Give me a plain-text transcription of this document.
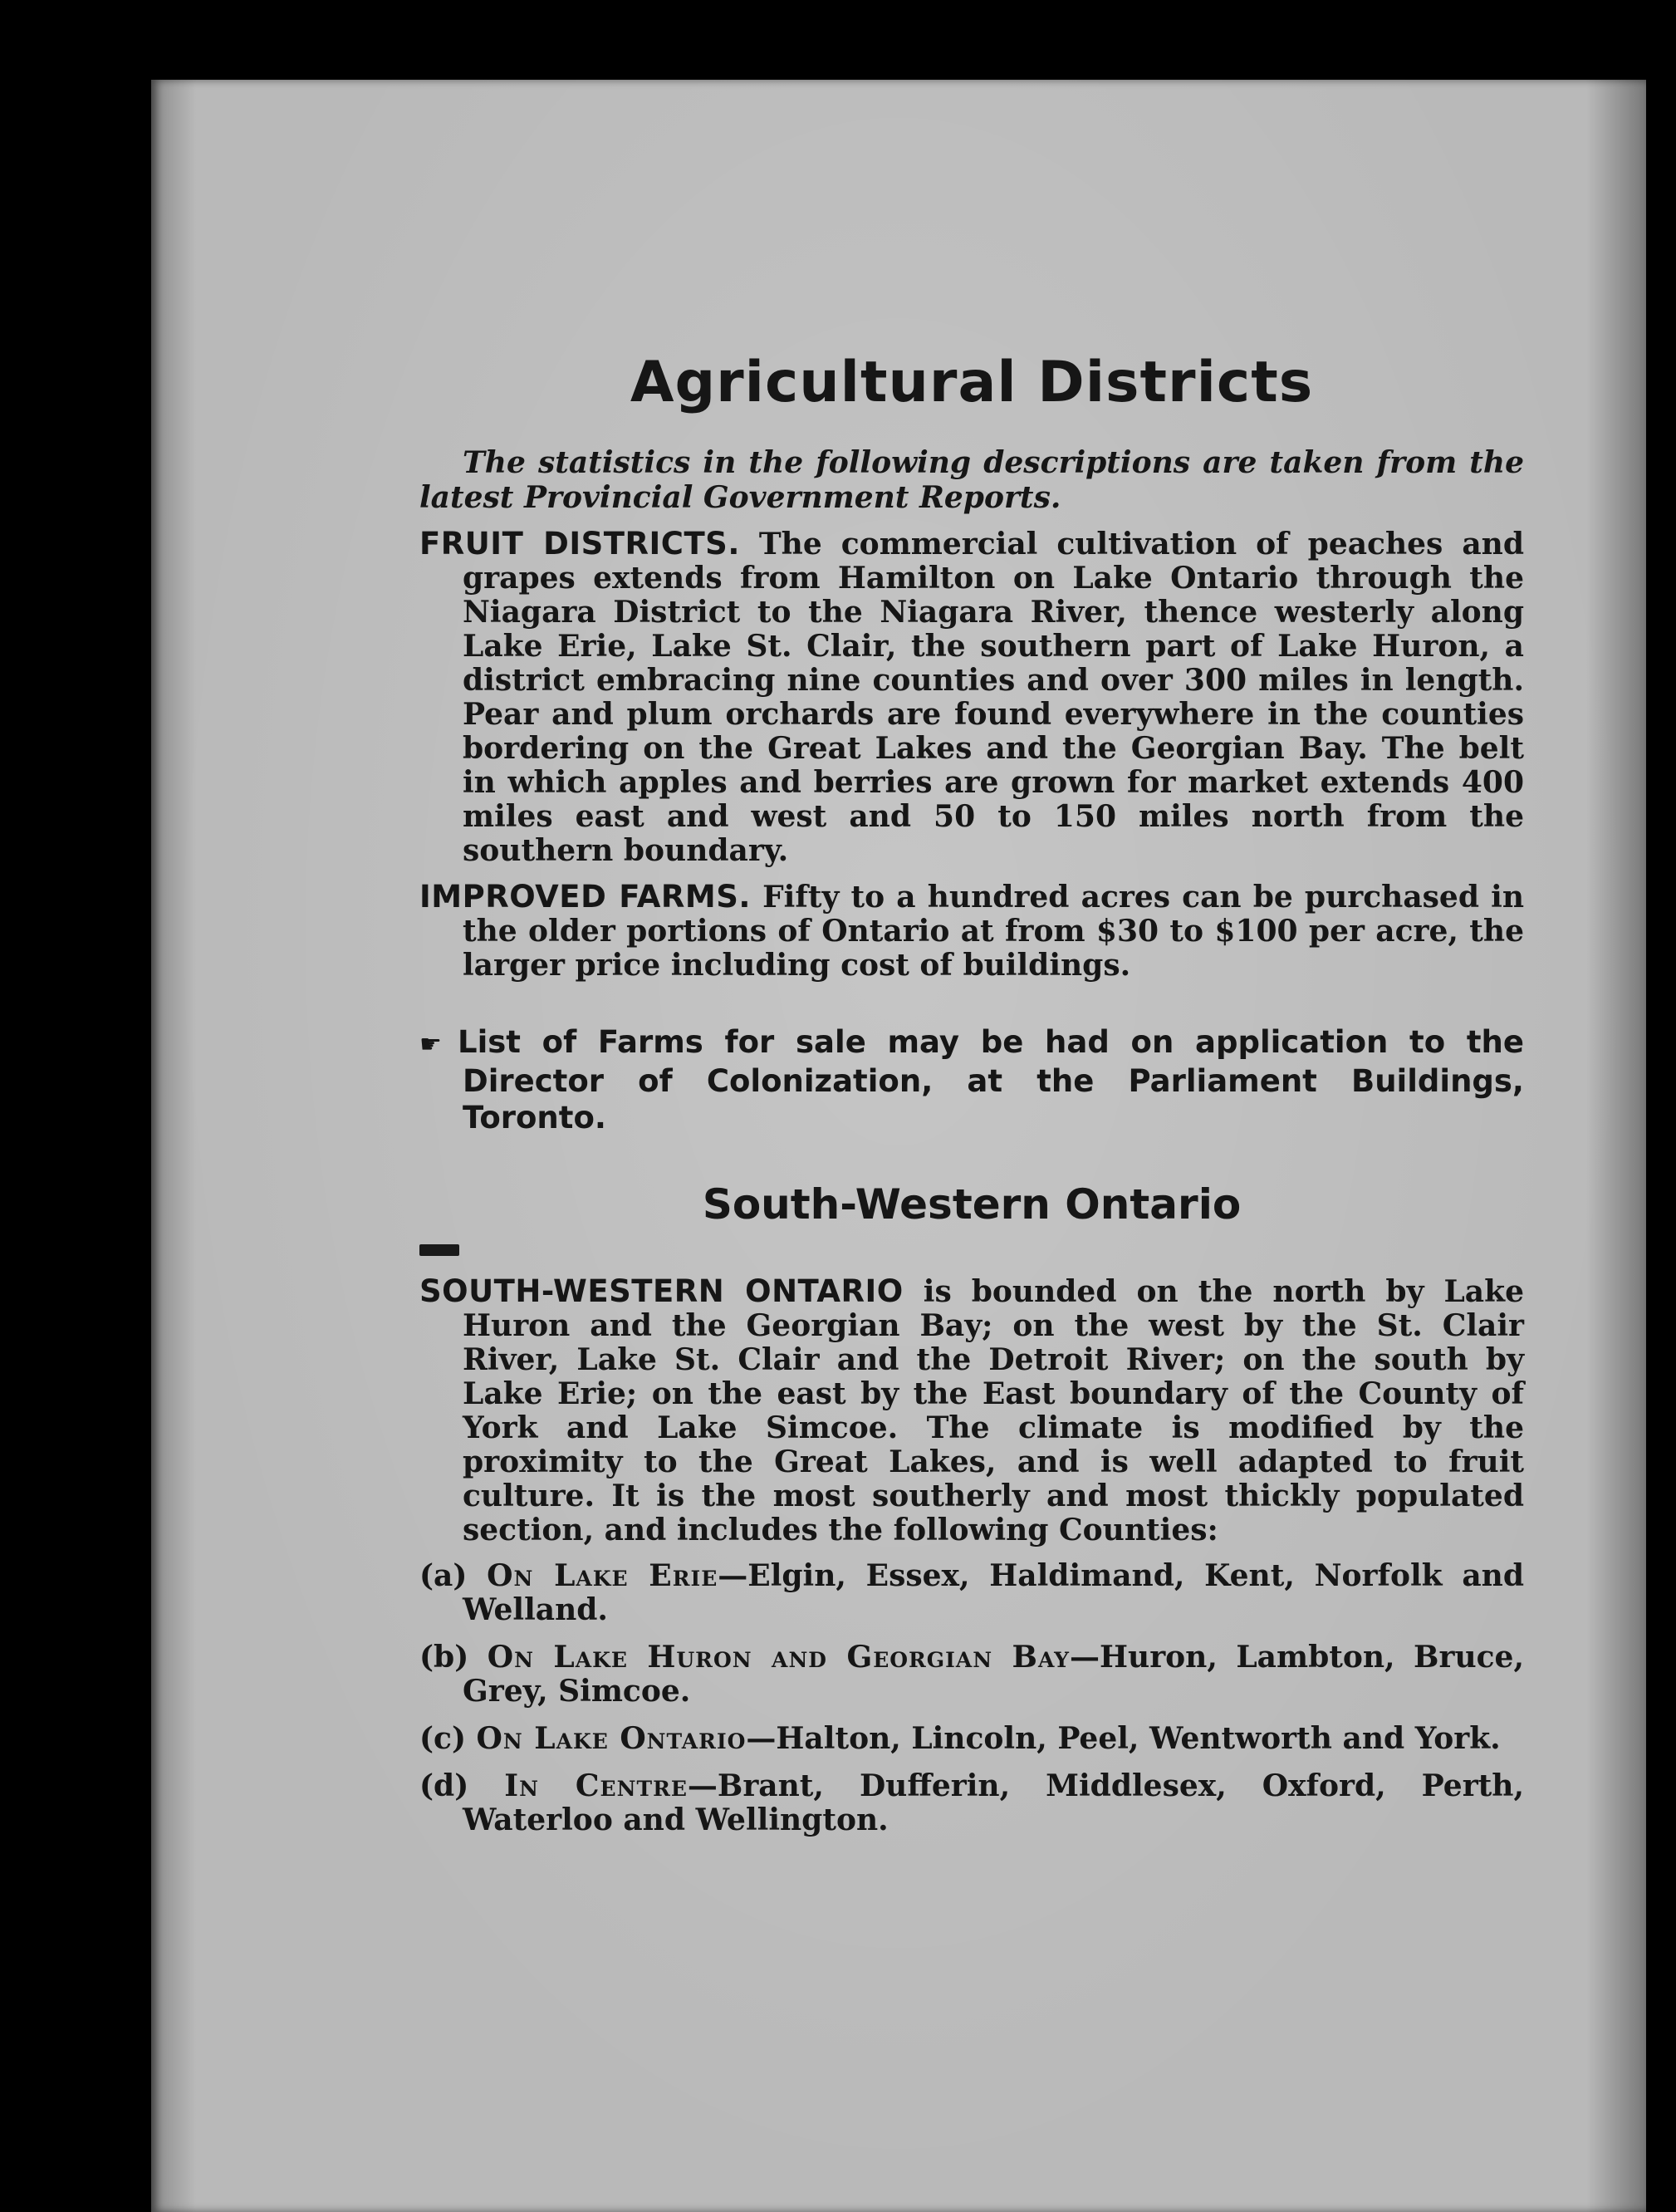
Agricultural Districts

The statistics in the following descriptions are taken from the latest Provincial Government Reports.

FRUIT DISTRICTS. The commercial cultivation of peaches and grapes extends from Hamilton on Lake Ontario through the Niagara District to the Niagara River, thence westerly along Lake Erie, Lake St. Clair, the southern part of Lake Huron, a district embracing nine counties and over 300 miles in length. Pear and plum orchards are found everywhere in the counties bordering on the Great Lakes and the Georgian Bay. The belt in which apples and berries are grown for market extends 400 miles east and west and 50 to 150 miles north from the southern boundary.

IMPROVED FARMS. Fifty to a hundred acres can be purchased in the older portions of Ontario at from $30 to $100 per acre, the larger price including cost of buildings.

☛ List of Farms for sale may be had on application to the Director of Colonization, at the Parliament Buildings, Toronto.

South-Western Ontario

SOUTH-WESTERN ONTARIO is bounded on the north by Lake Huron and the Georgian Bay; on the west by the St. Clair River, Lake St. Clair and the Detroit River; on the south by Lake Erie; on the east by the East boundary of the County of York and Lake Simcoe. The climate is modified by the proximity to the Great Lakes, and is well adapted to fruit culture. It is the most southerly and most thickly populated section, and includes the following Counties:

(a) On Lake Erie—Elgin, Essex, Haldimand, Kent, Norfolk and Welland.

(b) On Lake Huron and Georgian Bay—Huron, Lambton, Bruce, Grey, Simcoe.

(c) On Lake Ontario—Halton, Lincoln, Peel, Wentworth and York.

(d) In Centre—Brant, Dufferin, Middlesex, Oxford, Perth, Waterloo and Wellington.
